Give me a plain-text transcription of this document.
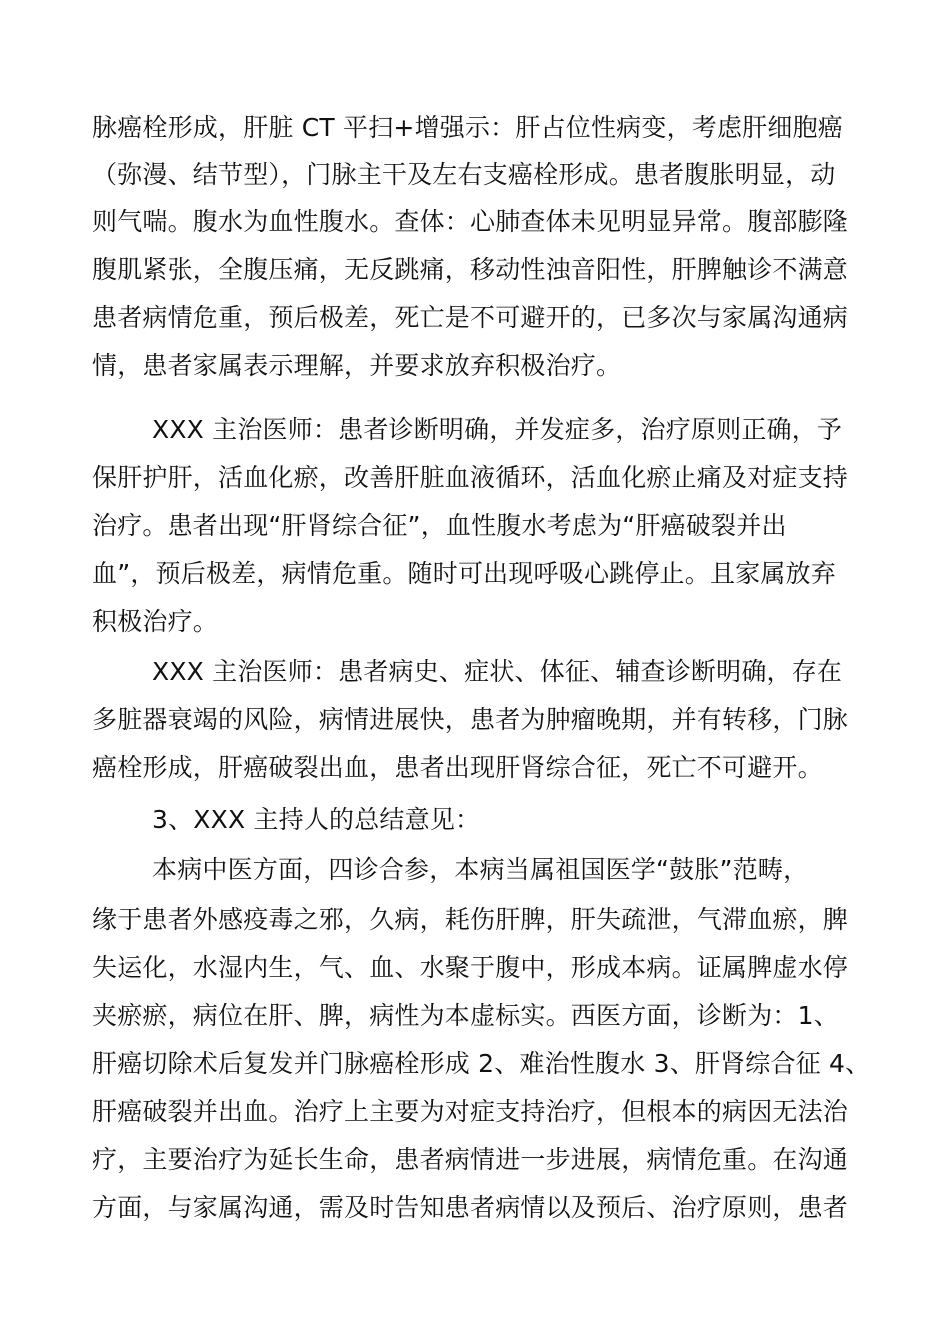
脉癌栓形成，肝脏 CT 平扫+增强示：肝占位性病变，考虑肝细胞癌
（弥漫、结节型），门脉主干及左右支癌栓形成。患者腹胀明显，动
则气喘。腹水为血性腹水。查体：心肺查体未见明显异常。腹部膨隆
腹肌紧张，全腹压痛，无反跳痛，移动性浊音阳性，肝脾触诊不满意
患者病情危重，预后极差，死亡是不可避开的，已多次与家属沟通病
情，患者家属表示理解，并要求放弃积极治疗。
XXX 主治医师：患者诊断明确，并发症多，治疗原则正确，予
保肝护肝，活血化瘀，改善肝脏血液循环，活血化瘀止痛及对症支持
治疗。患者出现“肝肾综合征”，血性腹水考虑为“肝癌破裂并出
血”，预后极差，病情危重。随时可出现呼吸心跳停止。且家属放弃
积极治疗。
XXX 主治医师：患者病史、症状、体征、辅查诊断明确，存在
多脏器衰竭的风险，病情进展快，患者为肿瘤晚期，并有转移，门脉
癌栓形成，肝癌破裂出血，患者出现肝肾综合征，死亡不可避开。
3、XXX 主持人的总结意见：
本病中医方面，四诊合参，本病当属祖国医学“鼓胀”范畴，
缘于患者外感疫毒之邪，久病，耗伤肝脾，肝失疏泄，气滞血瘀，脾
失运化，水湿内生，气、血、水聚于腹中，形成本病。证属脾虚水停
夹瘀瘀，病位在肝、脾，病性为本虚标实。西医方面，诊断为：1、
肝癌切除术后复发并门脉癌栓形成 2、难治性腹水 3、肝肾综合征 4、
肝癌破裂并出血。治疗上主要为对症支持治疗，但根本的病因无法治
疗，主要治疗为延长生命，患者病情进一步进展，病情危重。在沟通
方面，与家属沟通，需及时告知患者病情以及预后、治疗原则，患者
